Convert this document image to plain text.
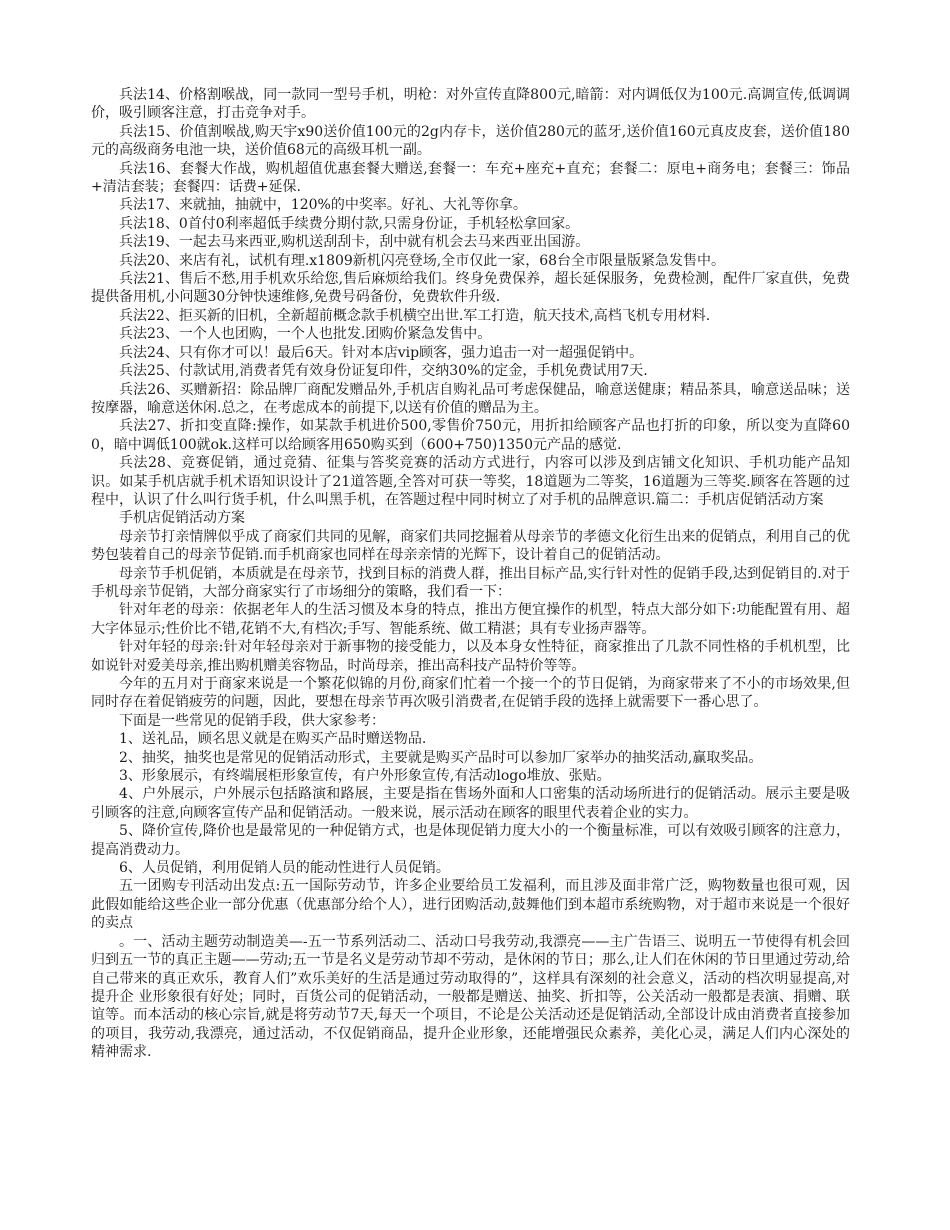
兵法14、价格割喉战，同一款同一型号手机，明枪：对外宣传直降800元,暗箭：对内调低仅为100元.高调宣传,低调调价，吸引顾客注意，打击竞争对手。

兵法15、价值割喉战,购天宇x90送价值100元的2g内存卡，送价值280元的蓝牙,送价值160元真皮皮套，送价值180元的高级商务电池一块，送价值68元的高级耳机一副。

兵法16、套餐大作战，购机超值优惠套餐大赠送,套餐一：车充+座充+直充；套餐二：原电+商务电；套餐三：饰品+清洁套装；套餐四：话费+延保.

兵法17、来就抽，抽就中，120%的中奖率。好礼、大礼等你拿。

兵法18、0首付0利率超低手续费分期付款,只需身份证，手机轻松拿回家。

兵法19、一起去马来西亚,购机送刮刮卡，刮中就有机会去马来西亚出国游。

兵法20、来店有礼，试机有理.x1809新机闪亮登场,全市仅此一家，68台全市限量版紧急发售中。

兵法21、售后不愁,用手机欢乐给您,售后麻烦给我们。终身免费保养，超长延保服务，免费检测，配件厂家直供，免费提供备用机,小问题30分钟快速维修,免费号码备份，免费软件升级.

兵法22、拒买新的旧机，全新超前概念款手机横空出世.军工打造，航天技术,高档飞机专用材料.

兵法23、一个人也团购，一个人也批发.团购价紧急发售中。

兵法24、只有你才可以！最后6天。针对本店vip顾客，强力追击一对一超强促销中。

兵法25、付款试用,消费者凭有效身份证复印件，交纳30%的定金，手机免费试用7天.

兵法26、买赠新招：除品牌厂商配发赠品外,手机店自购礼品可考虑保健品，喻意送健康；精品茶具，喻意送品味；送按摩器，喻意送休闲.总之，在考虑成本的前提下,以送有价值的赠品为主。

兵法27、折扣变直降:操作，如某款手机进价500,零售价750元，用折扣给顾客产品也打折的印象，所以变为直降600，暗中调低100就ok.这样可以给顾客用650购买到（600+750)1350元产品的感觉.

兵法28、竞赛促销，通过竞猜、征集与答奖竞赛的活动方式进行，内容可以涉及到店铺文化知识、手机功能产品知识。如某手机店就手机术语知识设计了21道答题,全答对可获一等奖，18道题为二等奖，16道题为三等奖.顾客在答题的过程中，认识了什么叫行货手机，什么叫黑手机，在答题过程中同时树立了对手机的品牌意识.篇二：手机店促销活动方案

手机店促销活动方案

母亲节打亲情牌似乎成了商家们共同的见解，商家们共同挖掘着从母亲节的孝德文化衍生出来的促销点，利用自己的优势包装着自己的母亲节促销.而手机商家也同样在母亲亲情的光辉下，设计着自己的促销活动。

母亲节手机促销，本质就是在母亲节，找到目标的消费人群，推出目标产品,实行针对性的促销手段,达到促销目的.对于手机母亲节促销，大部分商家实行了市场细分的策略，我们看一下：

针对年老的母亲：依据老年人的生活习惯及本身的特点，推出方便宜操作的机型，特点大部分如下:功能配置有用、超大字体显示;性价比不错,花销不大,有档次;手写、智能系统、做工精湛；具有专业扬声器等。

针对年轻的母亲:针对年轻母亲对于新事物的接受能力，以及本身女性特征，商家推出了几款不同性格的手机机型，比如说针对爱美母亲,推出购机赠美容物品，时尚母亲，推出高科技产品特价等等。

今年的五月对于商家来说是一个繁花似锦的月份,商家们忙着一个接一个的节日促销，为商家带来了不小的市场效果,但同时存在着促销疲劳的问题，因此，要想在母亲节再次吸引消费者,在促销手段的选择上就需要下一番心思了。

下面是一些常见的促销手段，供大家参考：

1、送礼品，顾名思义就是在购买产品时赠送物品.

2、抽奖，抽奖也是常见的促销活动形式，主要就是购买产品时可以参加厂家举办的抽奖活动,赢取奖品。

3、形象展示，有终端展柜形象宣传，有户外形象宣传,有活动logo堆放、张贴。

4、户外展示，户外展示包括路演和路展，主要是指在售场外面和人口密集的活动场所进行的促销活动。展示主要是吸引顾客的注意,向顾客宣传产品和促销活动。一般来说，展示活动在顾客的眼里代表着企业的实力。

5、降价宣传,降价也是最常见的一种促销方式，也是体现促销力度大小的一个衡量标准，可以有效吸引顾客的注意力，提高消费动力。

6、人员促销，利用促销人员的能动性进行人员促销。

五一团购专刊活动出发点:五一国际劳动节，许多企业要给员工发福利，而且涉及面非常广泛，购物数量也很可观，因此假如能给这些企业一部分优惠（优惠部分给个人），进行团购活动,鼓舞他们到本超市系统购物，对于超市来说是一个很好的卖点

。一、活动主题劳动制造美—-五一节系列活动二、活动口号我劳动,我漂亮——主广告语三、说明五一节使得有机会回归到五一节的真正主题——劳动;五一节是名义是劳动节却不劳动，是休闲的节日；那么,让人们在休闲的节日里通过劳动,给自己带来的真正欢乐，教育人们”欢乐美好的生活是通过劳动取得的”，这样具有深刻的社会意义，活动的档次明显提高,对提升企 业形象很有好处；同时，百货公司的促销活动，一般都是赠送、抽奖、折扣等，公关活动一般都是表演、捐赠、联谊等。而本活动的核心宗旨,就是将劳动节7天,每天一个项目，不论是公关活动还是促销活动,全部设计成由消费者直接参加的项目，我劳动,我漂亮，通过活动，不仅促销商品，提升企业形象，还能增强民众素养，美化心灵，满足人们内心深处的精神需求.
